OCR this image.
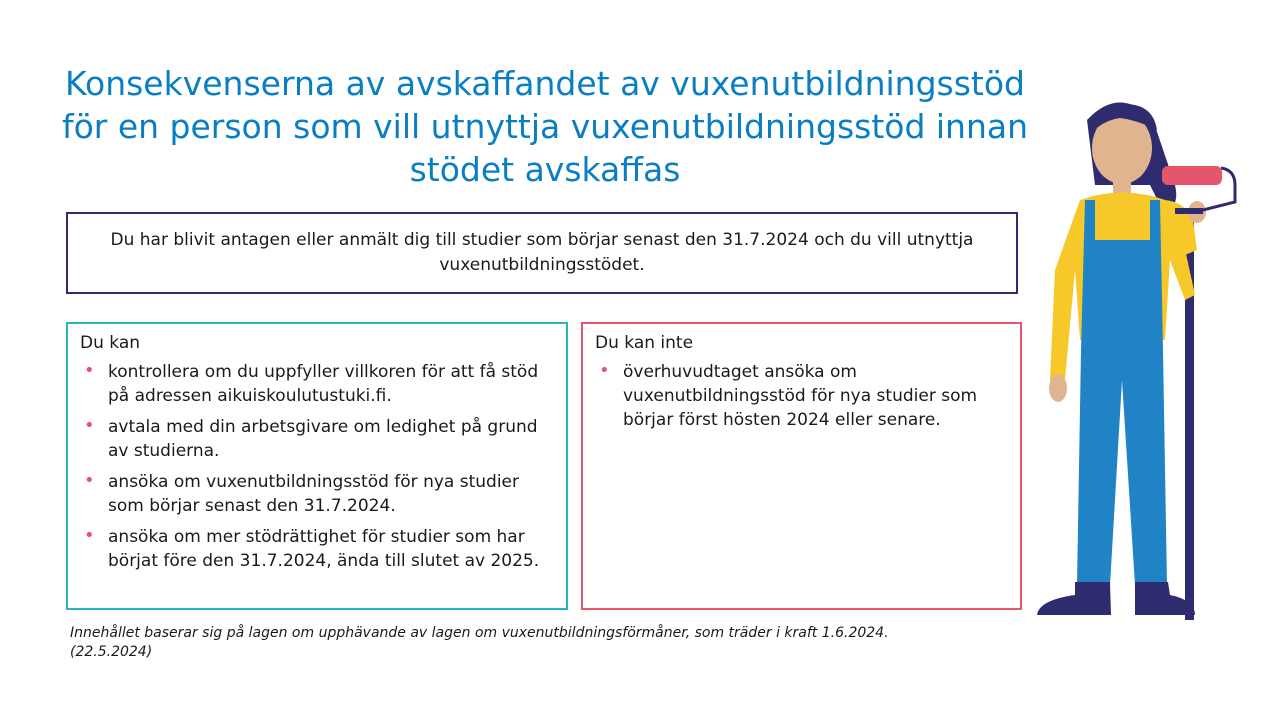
Konsekvenserna av avskaffandet av vuxenutbildningsstöd för en person som vill utnyttja vuxenutbildningsstöd innan stödet avskaffas

Du har blivit antagen eller anmält dig till studier som börjar senast den 31.7.2024 och du vill utnyttja vuxenutbildningsstödet.

Du kan
• kontrollera om du uppfyller villkoren för att få stöd på adressen aikuiskoulutustuki.fi.
• avtala med din arbetsgivare om ledighet på grund av studierna.
• ansöka om vuxenutbildningsstöd för nya studier som börjar senast den 31.7.2024.
• ansöka om mer stödrättighet för studier som har börjat före den 31.7.2024, ända till slutet av 2025.
Du kan inte
• överhuvudtaget ansöka om vuxenutbildningsstöd för nya studier som börjar först hösten 2024 eller senare.

Innehållet baserar sig på lagen om upphävande av lagen om vuxenutbildningsförmåner, som träder i kraft 1.6.2024.
(22.5.2024)
